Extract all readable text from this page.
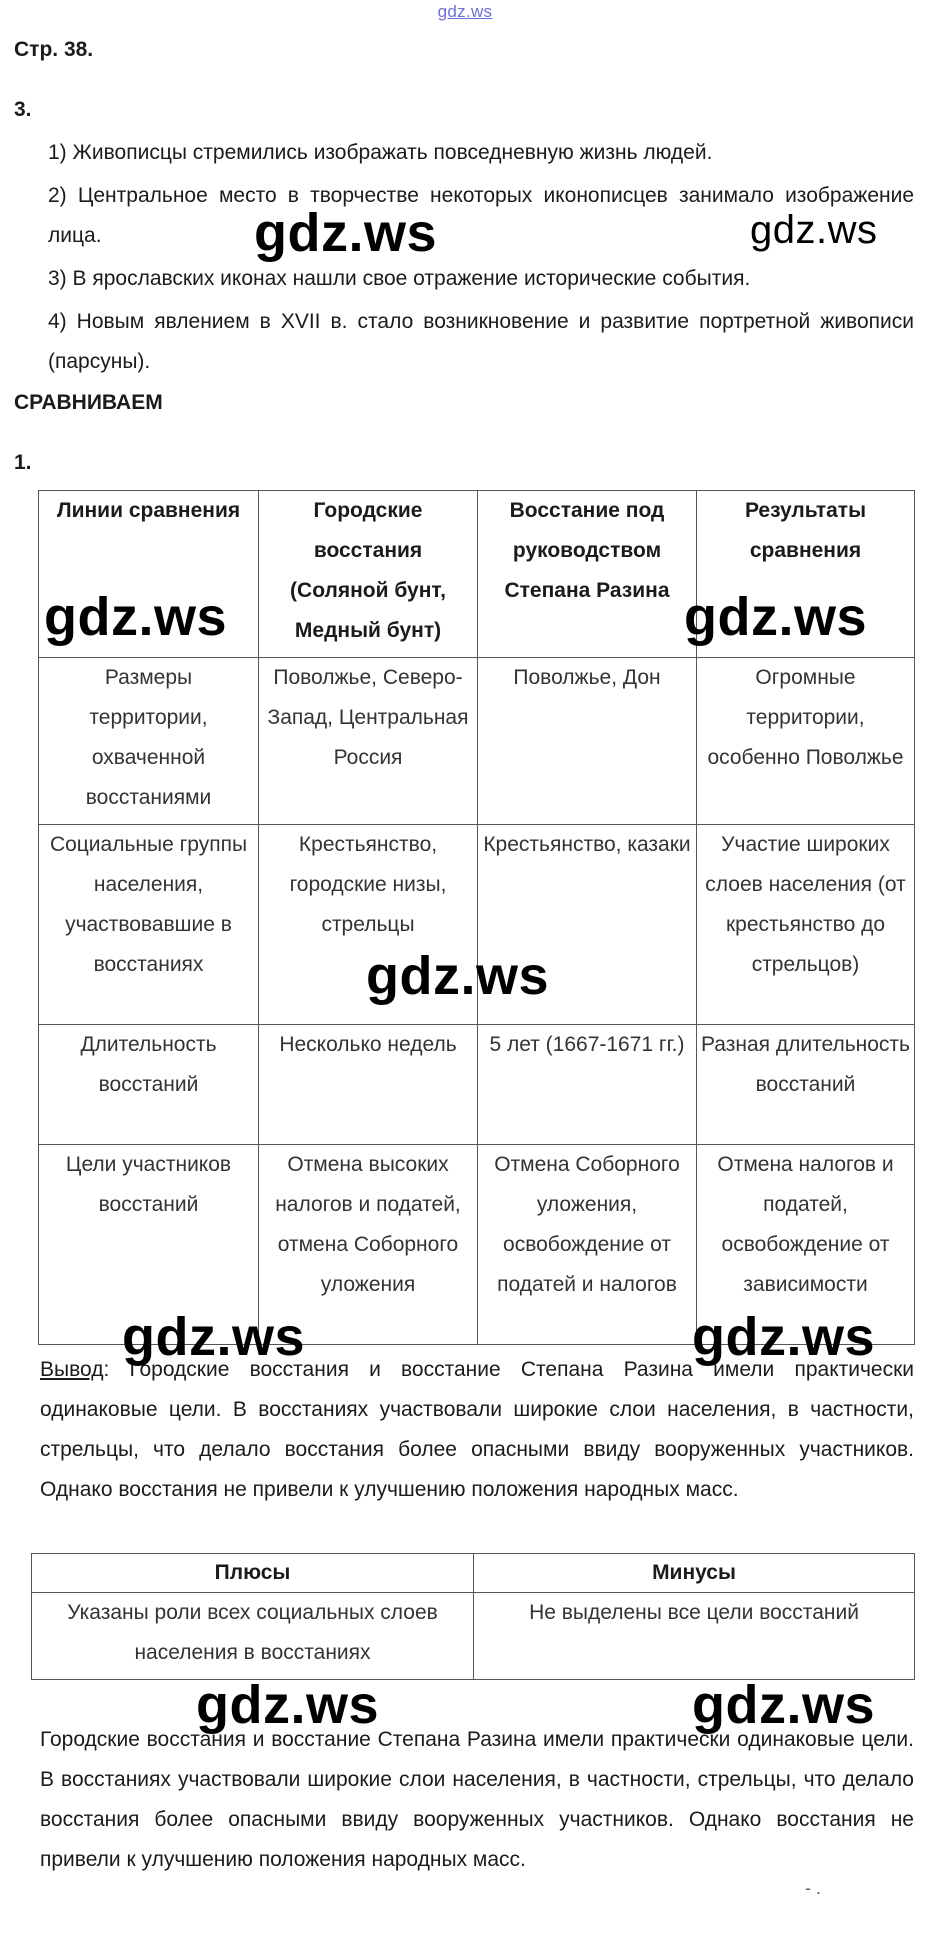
gdz.ws
Стр. 38.
3.

1) Живописцы стремились изображать повседневную жизнь людей.

2) Центральное место в творчестве некоторых иконописцев занимало изображение лица.

3) В ярославских иконах нашли свое отражение исторические события.

4) Новым явлением в XVII в. стало возникновение и развитие портретной живописи (парсуны).

СРАВНИВАЕМ
1.
Линии сравнения	Городские восстания (Соляной бунт, Медный бунт)	Восстание под руководством Степана Разина	Результаты сравнения
Размеры территории, охваченной восстаниями	Поволжье, Северо-Запад, Центральная Россия	Поволжье, Дон	Огромные территории, особенно Поволжье
Социальные группы населения, участвовавшие в восстаниях	Крестьянство, городские низы, стрельцы	Крестьянство, казаки	Участие широких слоев населения (от крестьянство до стрельцов)
Длительность восстаний	Несколько недель	5 лет (1667-1671 гг.)	Разная длительность восстаний
Цели участников восстаний	Отмена высоких налогов и податей, отмена Соборного уложения	Отмена Соборного уложения, освобождение от податей и налогов	Отмена налогов и податей, освобождение от зависимости

Вывод: Городские восстания и восстание Степана Разина имели практически одинаковые цели. В восстаниях участвовали широкие слои населения, в частности, стрельцы, что делало восстания более опасными ввиду вооруженных участников. Однако восстания не привели к улучшению положения народных масс.

Плюсы	Минусы
Указаны роли всех социальных слоев населения в восстаниях	Не выделены все цели восстаний

Городские восстания и восстание Степана Разина имели практически одинаковые цели. В восстаниях участвовали широкие слои населения, в частности, стрельцы, что делало восстания более опасными ввиду вооруженных участников. Однако восстания не привели к улучшению положения народных масс.

- .
gdz.ws	gdz.ws
gdz.ws	gdz.ws
gdz.ws
gdz.ws	gdz.ws
gdz.ws	gdz.ws
